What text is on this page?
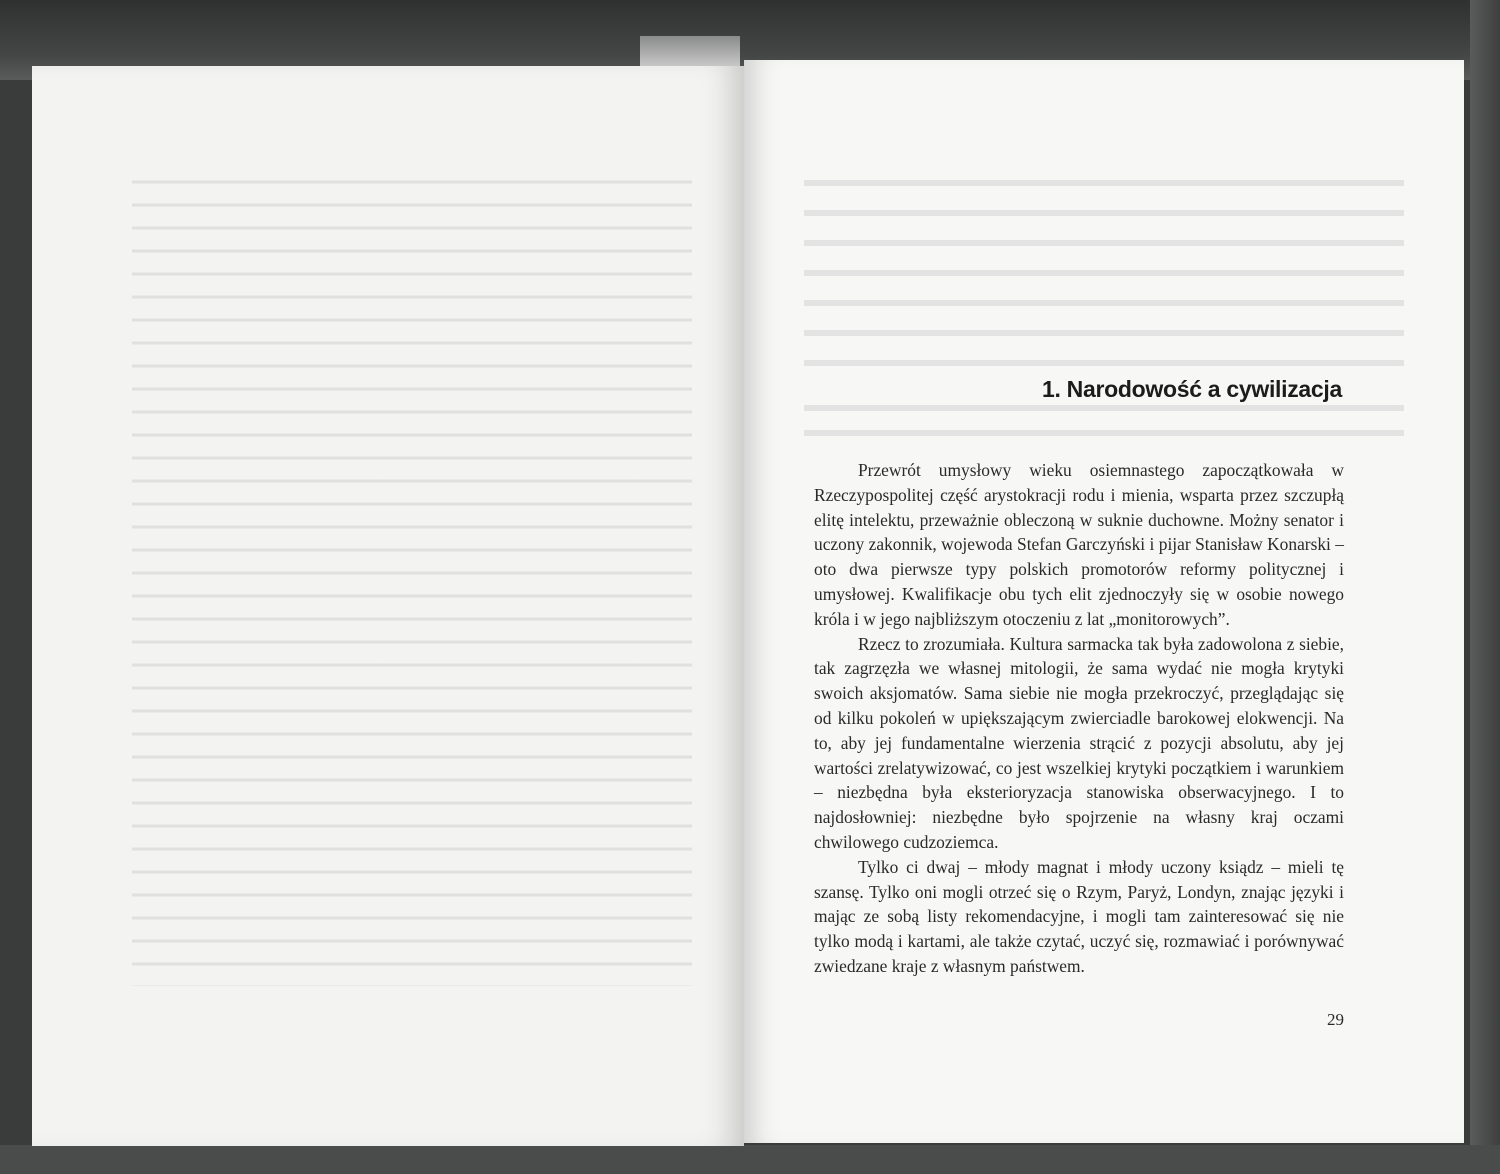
1. Narodowość a cywilizacja

Przewrót umysłowy wieku osiemnastego zapoczątkowała w Rzeczypospolitej część arystokracji rodu i mienia, wsparta przez szczupłą elitę intelektu, przeważnie obleczoną w suknie duchowne. Możny senator i uczony zakonnik, wojewoda Stefan Garczyński i pijar Stanisław Konarski – oto dwa pierwsze typy polskich promotorów reformy politycznej i umysłowej. Kwalifikacje obu tych elit zjednoczyły się w osobie nowego króla i w jego najbliższym otoczeniu z lat „monitorowych”.

Rzecz to zrozumiała. Kultura sarmacka tak była zadowolona z siebie, tak zagrzęzła we własnej mitologii, że sama wydać nie mogła krytyki swoich aksjomatów. Sama siebie nie mogła przekroczyć, przeglądając się od kilku pokoleń w upiększającym zwierciadle barokowej elokwencji. Na to, aby jej fundamentalne wierzenia strącić z pozycji absolutu, aby jej wartości zrelatywizować, co jest wszelkiej krytyki początkiem i warunkiem – niezbędna była eksterioryzacja stanowiska obserwacyjnego. I to najdosłowniej: niezbędne było spojrzenie na własny kraj oczami chwilowego cudzoziemca.

Tylko ci dwaj – młody magnat i młody uczony ksiądz – mieli tę szansę. Tylko oni mogli otrzeć się o Rzym, Paryż, Londyn, znając języki i mając ze sobą listy rekomendacyjne, i mogli tam zainteresować się nie tylko modą i kartami, ale także czytać, uczyć się, rozmawiać i porównywać zwiedzane kraje z własnym państwem.

29
